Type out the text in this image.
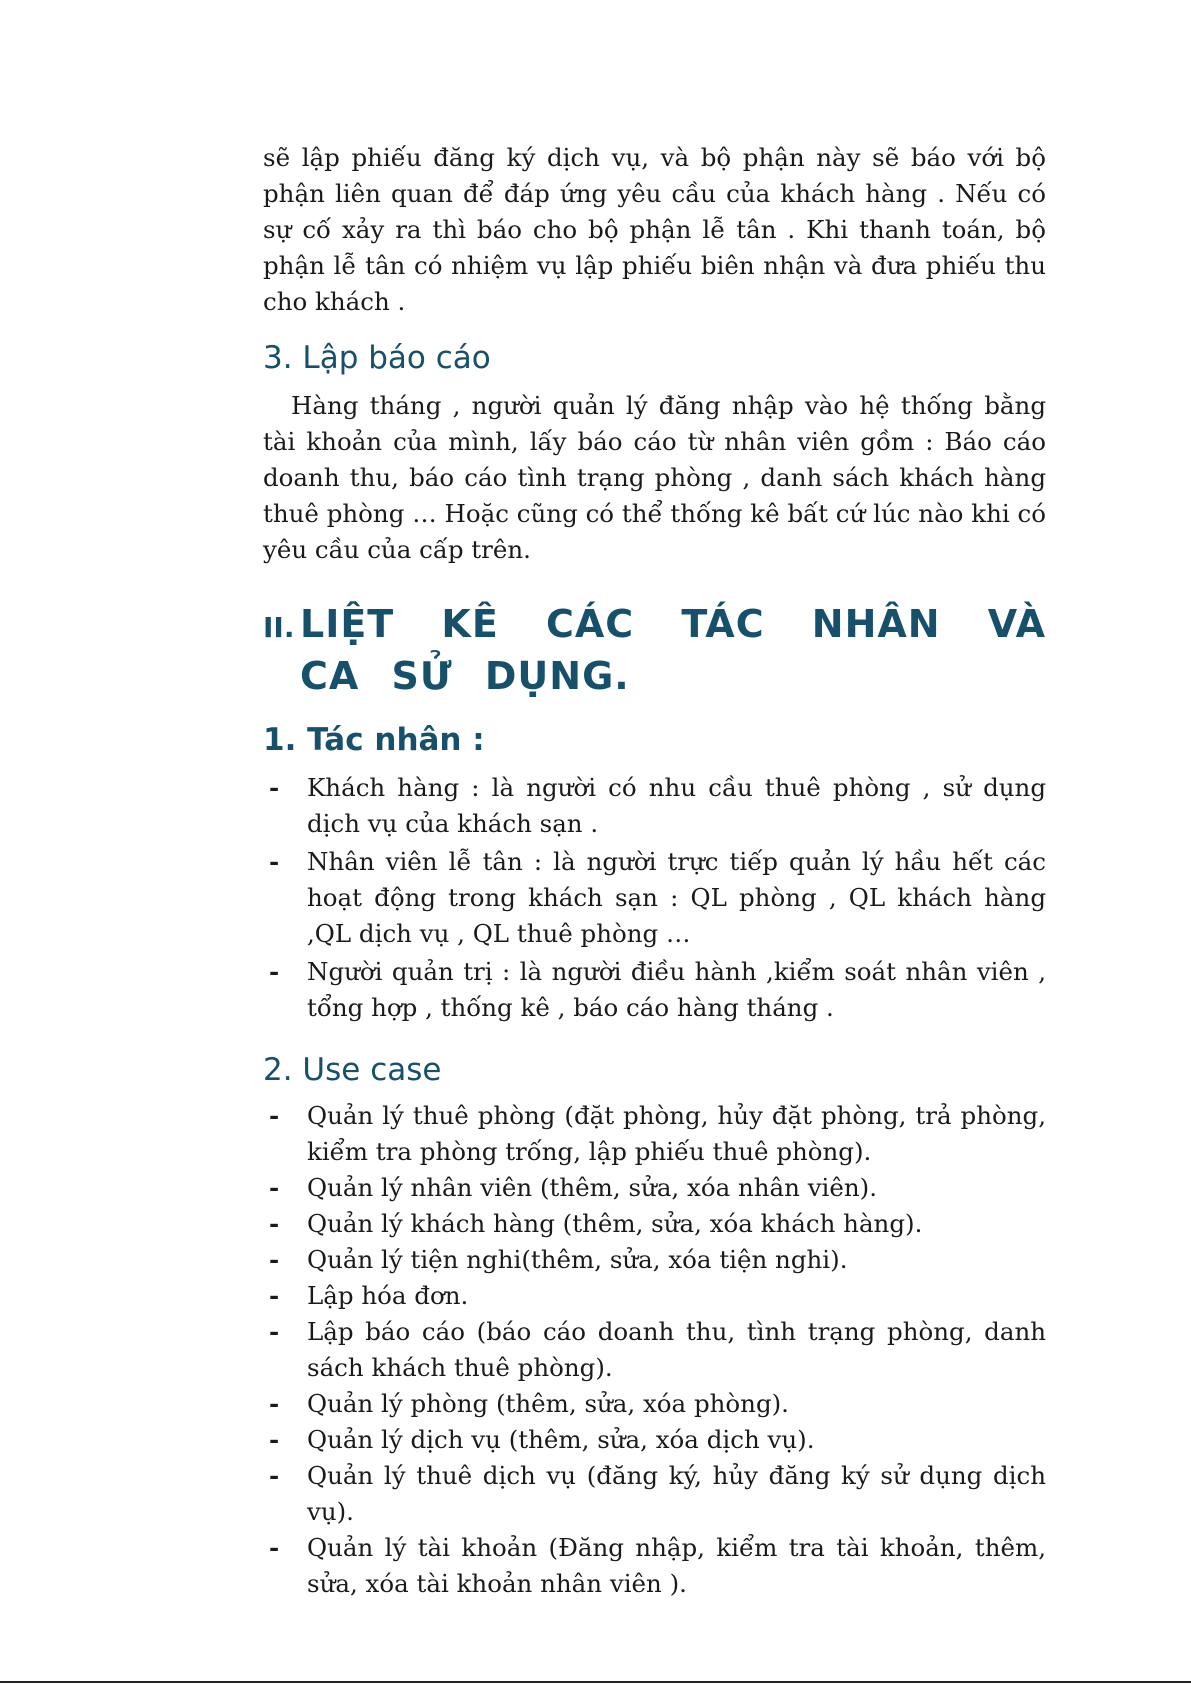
sẽ lập phiếu đăng ký dịch vụ, và bộ phận này sẽ báo với bộ phận liên quan để đáp ứng yêu cầu của khách hàng . Nếu có sự cố xảy ra thì báo cho bộ phận lễ tân . Khi thanh toán, bộ phận lễ tân có nhiệm vụ lập phiếu biên nhận và đưa phiếu thu cho khách .

3. Lập báo cáo

Hàng tháng , người quản lý đăng nhập vào hệ thống bằng tài khoản của mình, lấy báo cáo từ nhân viên gồm : Báo cáo doanh thu, báo cáo tình trạng phòng , danh sách khách hàng thuê phòng … Hoặc cũng có thể thống kê bất cứ lúc nào khi có yêu cầu của cấp trên.

II. LIỆT KÊ CÁC TÁC NHÂN VÀ CA SỬ DỤNG.
1. Tác nhân :
- Khách hàng : là người có nhu cầu thuê phòng , sử dụng dịch vụ của khách sạn .
- Nhân viên lễ tân : là người trực tiếp quản lý hầu hết các hoạt động trong khách sạn : QL phòng , QL khách hàng ,QL dịch vụ , QL thuê phòng …
- Người quản trị : là người điều hành ,kiểm soát nhân viên , tổng hợp , thống kê , báo cáo hàng tháng .
2. Use case
- Quản lý thuê phòng (đặt phòng, hủy đặt phòng, trả phòng, kiểm tra phòng trống, lập phiếu thuê phòng).
- Quản lý nhân viên (thêm, sửa, xóa nhân viên).
- Quản lý khách hàng (thêm, sửa, xóa khách hàng).
- Quản lý tiện nghi(thêm, sửa, xóa tiện nghi).
- Lập hóa đơn.
- Lập báo cáo (báo cáo doanh thu, tình trạng phòng, danh sách khách thuê phòng).
- Quản lý phòng (thêm, sửa, xóa phòng).
- Quản lý dịch vụ (thêm, sửa, xóa dịch vụ).
- Quản lý thuê dịch vụ (đăng ký, hủy đăng ký sử dụng dịch vụ).
- Quản lý tài khoản (Đăng nhập, kiểm tra tài khoản, thêm, sửa, xóa tài khoản nhân viên ).
